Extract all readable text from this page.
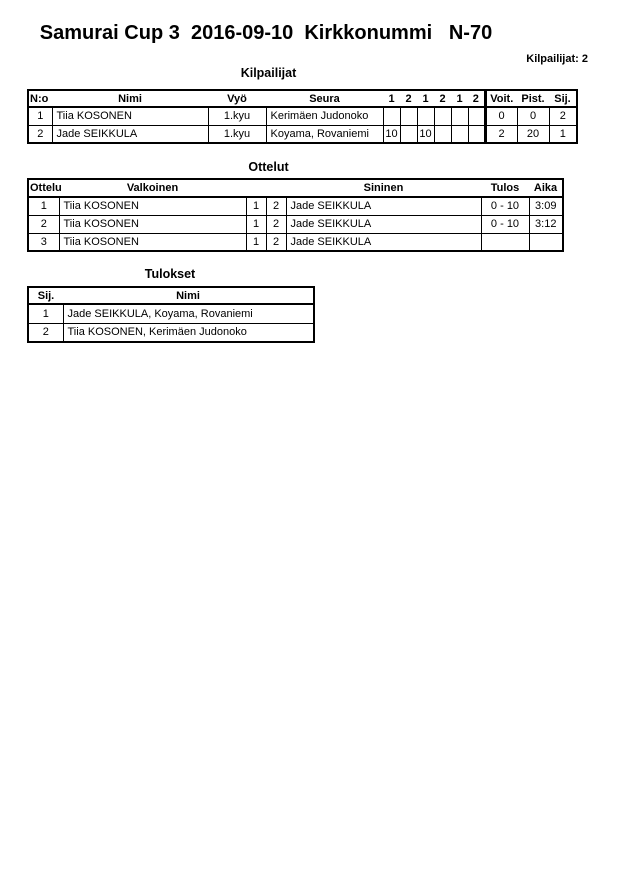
Samurai Cup 3  2016-09-10  Kirkkonummi   N-70
Kilpailijat: 2
Kilpailijat
N:o	Nimi	Vyö	Seura	1	2	1	2	1	2	Voit.	Pist.	Sij.
1	Tiia KOSONEN	1.kyu	Kerimäen Judonoko							0	0	2
2	Jade SEIKKULA	1.kyu	Koyama, Rovaniemi	10		10				2	20	1
Ottelut
Ottelu	Valkoinen			Sininen	Tulos	Aika
1	Tiia KOSONEN	1	2	Jade SEIKKULA	0 - 10	3:09
2	Tiia KOSONEN	1	2	Jade SEIKKULA	0 - 10	3:12
3	Tiia KOSONEN	1	2	Jade SEIKKULA		
Tulokset
Sij.	Nimi
1	Jade SEIKKULA, Koyama, Rovaniemi
2	Tiia KOSONEN, Kerimäen Judonoko
